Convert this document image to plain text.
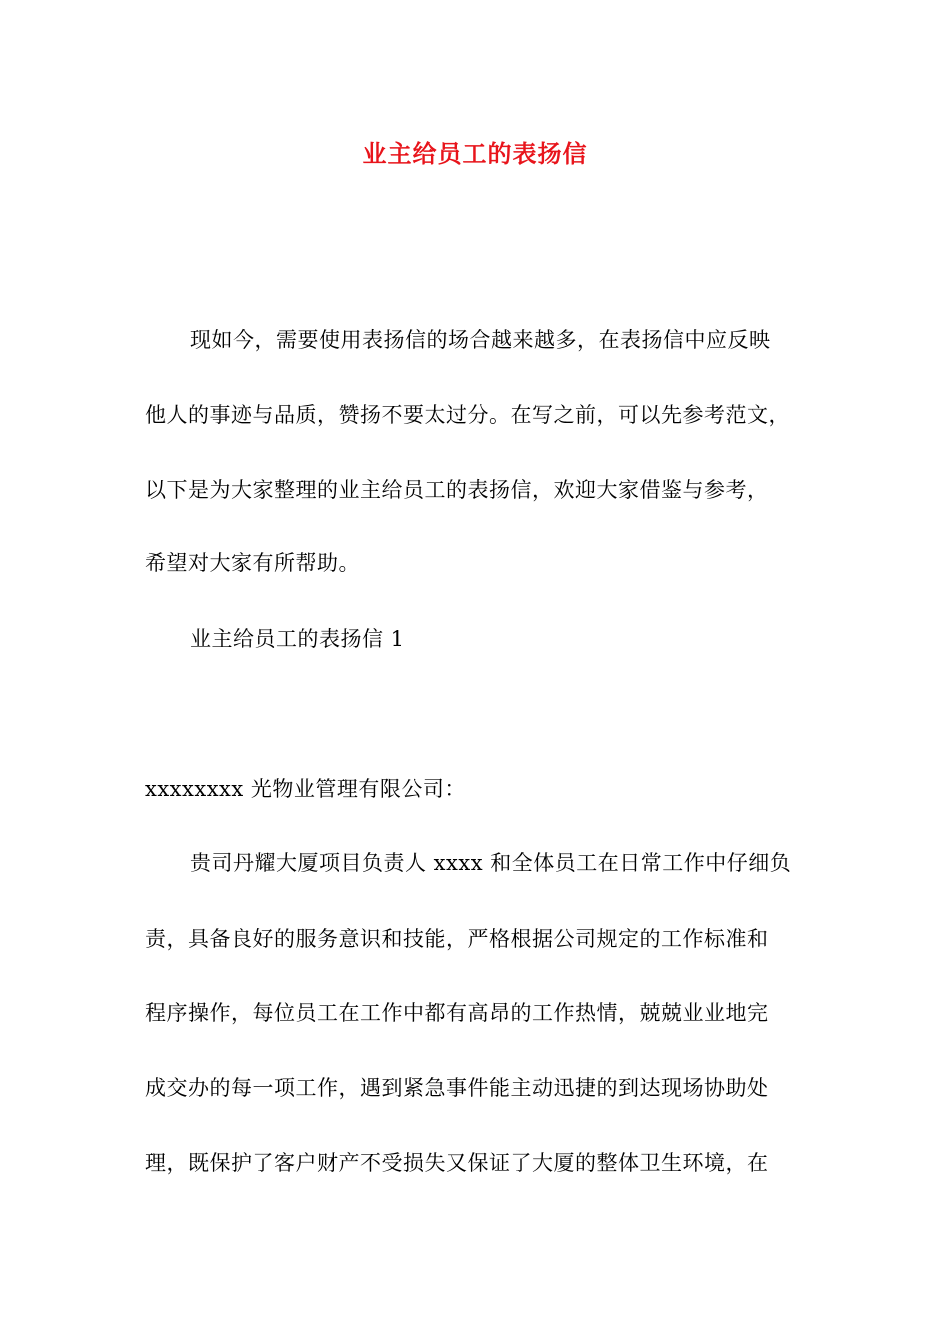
业主给员工的表扬信
现如今，需要使用表扬信的场合越来越多，在表扬信中应反映
他人的事迹与品质，赞扬不要太过分。在写之前，可以先参考范文，
以下是为大家整理的业主给员工的表扬信，欢迎大家借鉴与参考，
希望对大家有所帮助。
业主给员工的表扬信 1
xxxxxxxx 光物业管理有限公司：
贵司丹耀大厦项目负责人 xxxx 和全体员工在日常工作中仔细负
责，具备良好的服务意识和技能，严格根据公司规定的工作标准和
程序操作，每位员工在工作中都有高昂的工作热情，兢兢业业地完
成交办的每一项工作，遇到紧急事件能主动迅捷的到达现场协助处
理，既保护了客户财产不受损失又保证了大厦的整体卫生环境，在
